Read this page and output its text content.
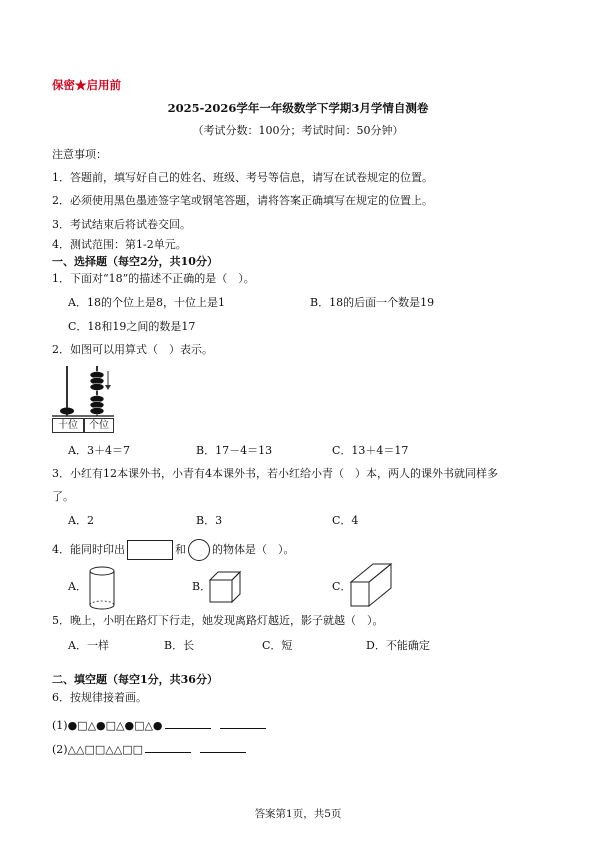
保密★启用前
2025-2026学年一年级数学下学期3月学情自测卷
（考试分数：100分；考试时间：50分钟）
注意事项：
1．答题前，填写好自己的姓名、班级、考号等信息，请写在试卷规定的位置。
2．必须使用黑色墨迹签字笔或钢笔答题，请将答案正确填写在规定的位置上。
3．考试结束后将试卷交回。
4．测试范围：第1-2单元。
一、选择题（每空2分，共10分）
1．下面对“18”的描述不正确的是（　）。
A．18的个位上是8，十位上是1	B．18的后面一个数是19
C．18和19之间的数是17
2．如图可以用算式（　）表示。
十位	个位
A．3＋4＝7	B．17－4＝13	C．13＋4＝17
3．小红有12本课外书，小青有4本课外书，若小红给小青（　）本，两人的课外书就同样多
了。
A．2	B．3	C．4
4．能同时印出	和 的物体是（　）。
A．	B．	C．
5．晚上，小明在路灯下行走，她发现离路灯越近，影子就越（　）。
A．一样	B．长	C．短	D．不能确定
二、填空题（每空1分，共36分）
6．按规律接着画。
(1)●□△●□△●□△●
(2)△△□□△△□□
答案第1页，共5页
